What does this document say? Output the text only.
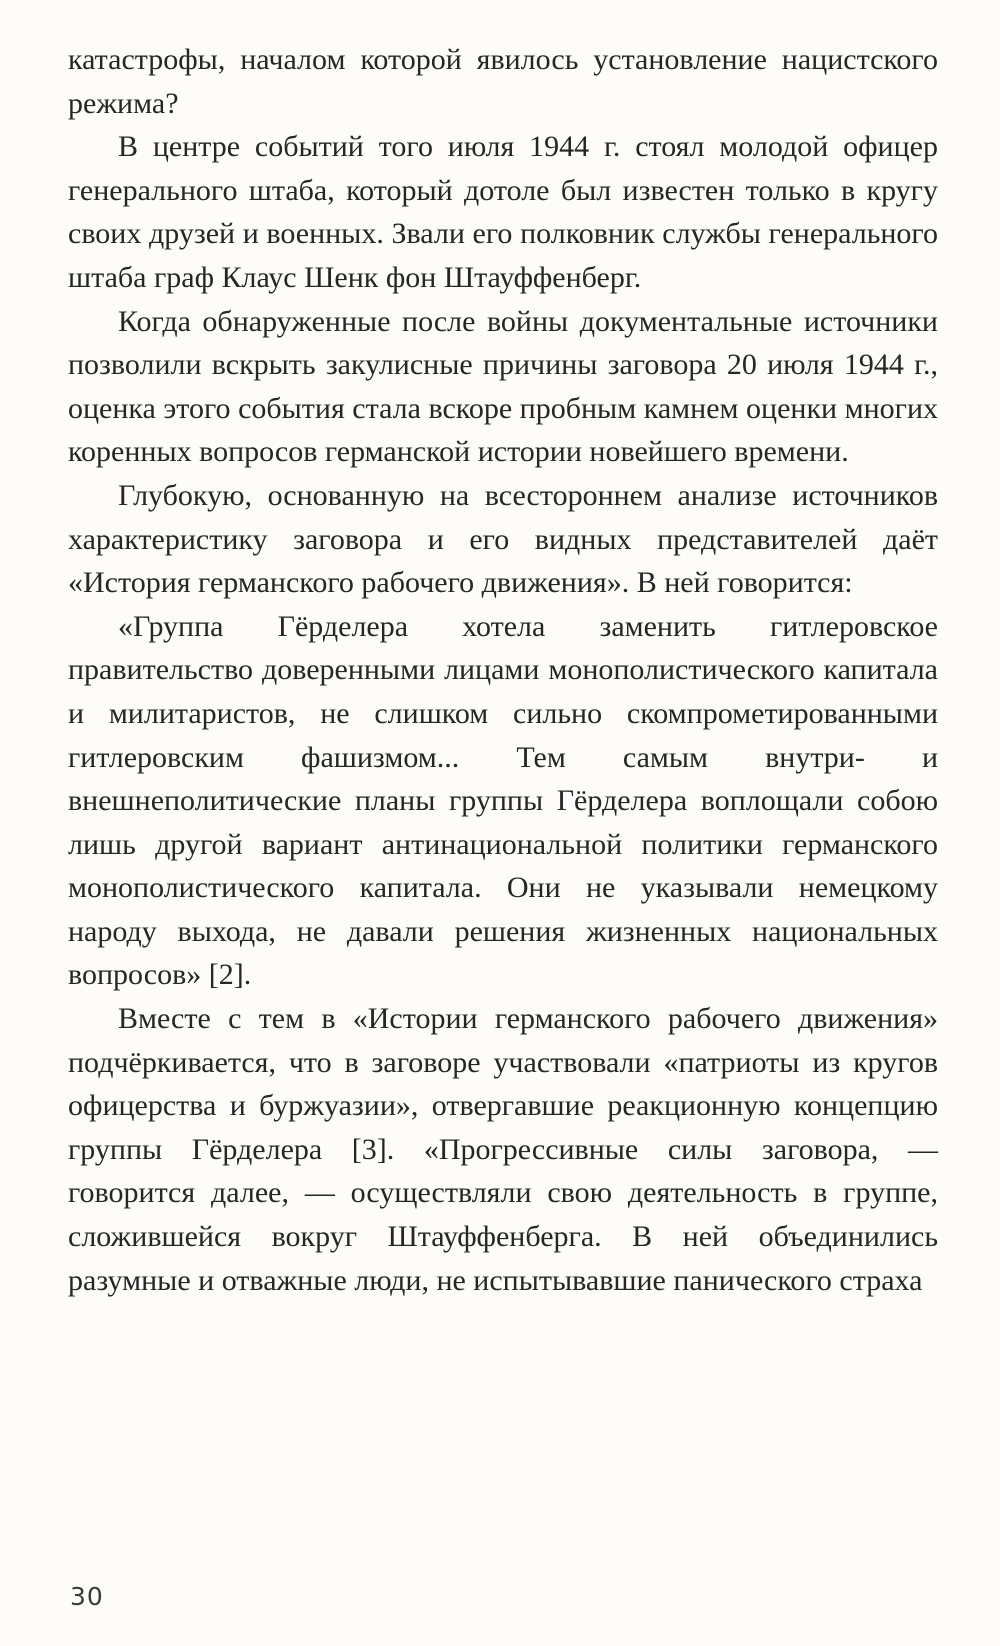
катастрофы, началом которой явилось установление нацистского режима?

В центре событий того июля 1944 г. стоял молодой офицер генерального штаба, который дотоле был известен только в кругу своих друзей и военных. Звали его полковник службы генерального штаба граф Клаус Шенк фон Штауффенберг.

Когда обнаруженные после войны документальные источники позволили вскрыть закулисные причины заговора 20 июля 1944 г., оценка этого события стала вскоре пробным камнем оценки многих коренных вопросов германской истории новейшего времени.

Глубокую, основанную на всестороннем анализе источников характеристику заговора и его видных представителей даёт «История германского рабочего движения». В ней говорится:

«Группа Гёрделера хотела заменить гитлеровское правительство доверенными лицами монополистического капитала и милитаристов, не слишком сильно скомпрометированными гитлеровским фашизмом... Тем самым внутри- и внешнеполитические планы группы Гёрделера воплощали собою лишь другой вариант антинациональной политики германского монополистического капитала. Они не указывали немецкому народу выхода, не давали решения жизненных национальных вопросов» [2].

Вместе с тем в «Истории германского рабочего движения» подчёркивается, что в заговоре участвовали «патриоты из кругов офицерства и буржуазии», отвергавшие реакционную концепцию группы Гёрделера [3]. «Прогрессивные силы заговора, — говорится далее, — осуществляли свою деятельность в группе, сложившейся вокруг Штауффенберга. В ней объединились разумные и отважные люди, не испытывавшие панического страха

30
